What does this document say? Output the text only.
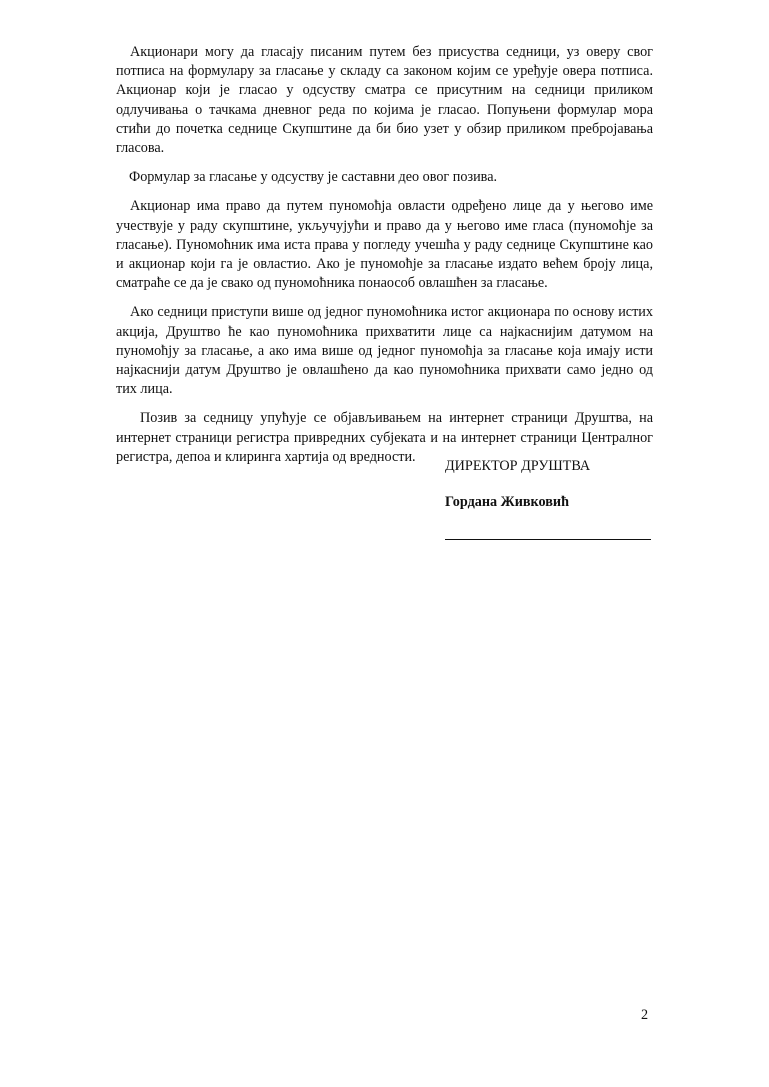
Акционари могу да гласају писаним путем без присуства седници, уз оверу свог потписа на формулару за гласање у складу са законом којим се уређује овера потписа. Акционар који је гласао у одсуству сматра се присутним на седници приликом одлучивања о тачкама дневног реда по којима је гласао. Попуњени формулар мора стићи до почетка седнице Скупштине да би био узет у обзир приликом пребројавања гласова.

Формулар за гласање у одсуству је саставни део овог позива.

Акционар има право да путем пуномоћја овласти одређено лице да у његово име учествује у раду скупштине, укључујући и право да у његово име гласа (пуномоћје за гласање). Пуномоћник има иста права у погледу учешћа у раду седнице Скупштине као и акционар који га је овластио. Ако је пуномоћје за гласање издато већем броју лица, сматраће се да је свако од пуномоћника понаособ овлашћен за гласање.

Ако седници приступи више од једног пуномоћника истог акционара по основу истих акција, Друштво ће као пуномоћника прихватити лице са најкаснијим датумом на пуномоћју за гласање, а ако има више од једног пуномоћја за гласање која имају исти најкаснији датум Друштво је овлашћено да као пуномоћника прихвати само једно од тих лица.

Позив за седницу упућује се објављивањем на интернет страници Друштва, на интернет страници регистра привредних субјеката и на интернет страници Централног регистра, депоа и клиринга хартија од вредности.

ДИРЕКТОР ДРУШТВА

Гордана Живковић

2
